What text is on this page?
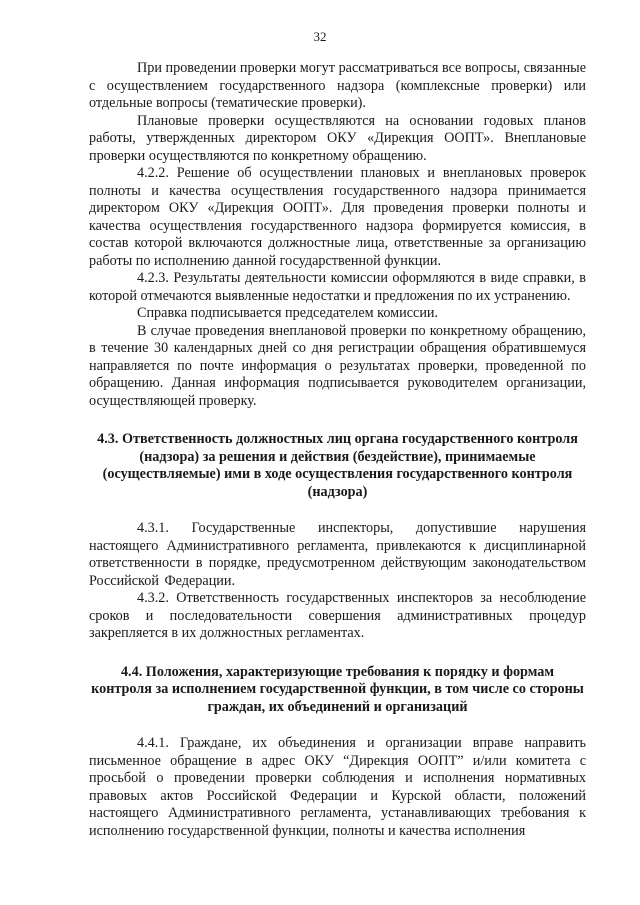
32

При проведении проверки могут рассматриваться все вопросы, связанные с осуществлением государственного надзора (комплексные проверки) или отдельные вопросы (тематические проверки).

Плановые проверки осуществляются на основании годовых планов работы, утвержденных директором ОКУ «Дирекция ООПТ». Внеплановые проверки осуществляются по конкретному обращению.

4.2.2. Решение об осуществлении плановых и внеплановых проверок полноты и качества осуществления государственного надзора принимается директором ОКУ «Дирекция ООПТ». Для проведения проверки полноты и качества осуществления государственного надзора формируется комиссия, в состав которой включаются должностные лица, ответственные за организацию работы по исполнению данной государственной функции.

4.2.3. Результаты деятельности комиссии оформляются в виде справки, в которой отмечаются выявленные недостатки и предложения по их устранению.

Справка подписывается председателем комиссии.

В случае проведения внеплановой проверки по конкретному обращению, в течение 30 календарных дней со дня регистрации обращения обратившемуся направляется по почте информация о результатах проверки, проведенной по обращению. Данная информация подписывается руководителем организации, осуществляющей проверку.

4.3. Ответственность должностных лиц органа государственного контроля (надзора) за решения и действия (бездействие), принимаемые (осуществляемые) ими в ходе осуществления государственного контроля (надзора)

4.3.1. Государственные инспекторы, допустившие нарушения настоящего Административного регламента, привлекаются к дисциплинарной ответственности в порядке, предусмотренном действующим законодательством Российской Федерации.

4.3.2. Ответственность государственных инспекторов за несоблюдение сроков и последовательности совершения административных процедур закрепляется в их должностных регламентах.

4.4. Положения, характеризующие требования к порядку и формам контроля за исполнением государственной функции, в том числе со стороны граждан, их объединений и организаций

4.4.1. Граждане, их объединения и организации вправе направить письменное обращение в адрес ОКУ “Дирекция ООПТ” и/или комитета с просьбой о проведении проверки соблюдения и исполнения нормативных правовых актов Российской Федерации и Курской области, положений настоящего Административного регламента, устанавливающих требования к исполнению государственной функции, полноты и качества исполнения
